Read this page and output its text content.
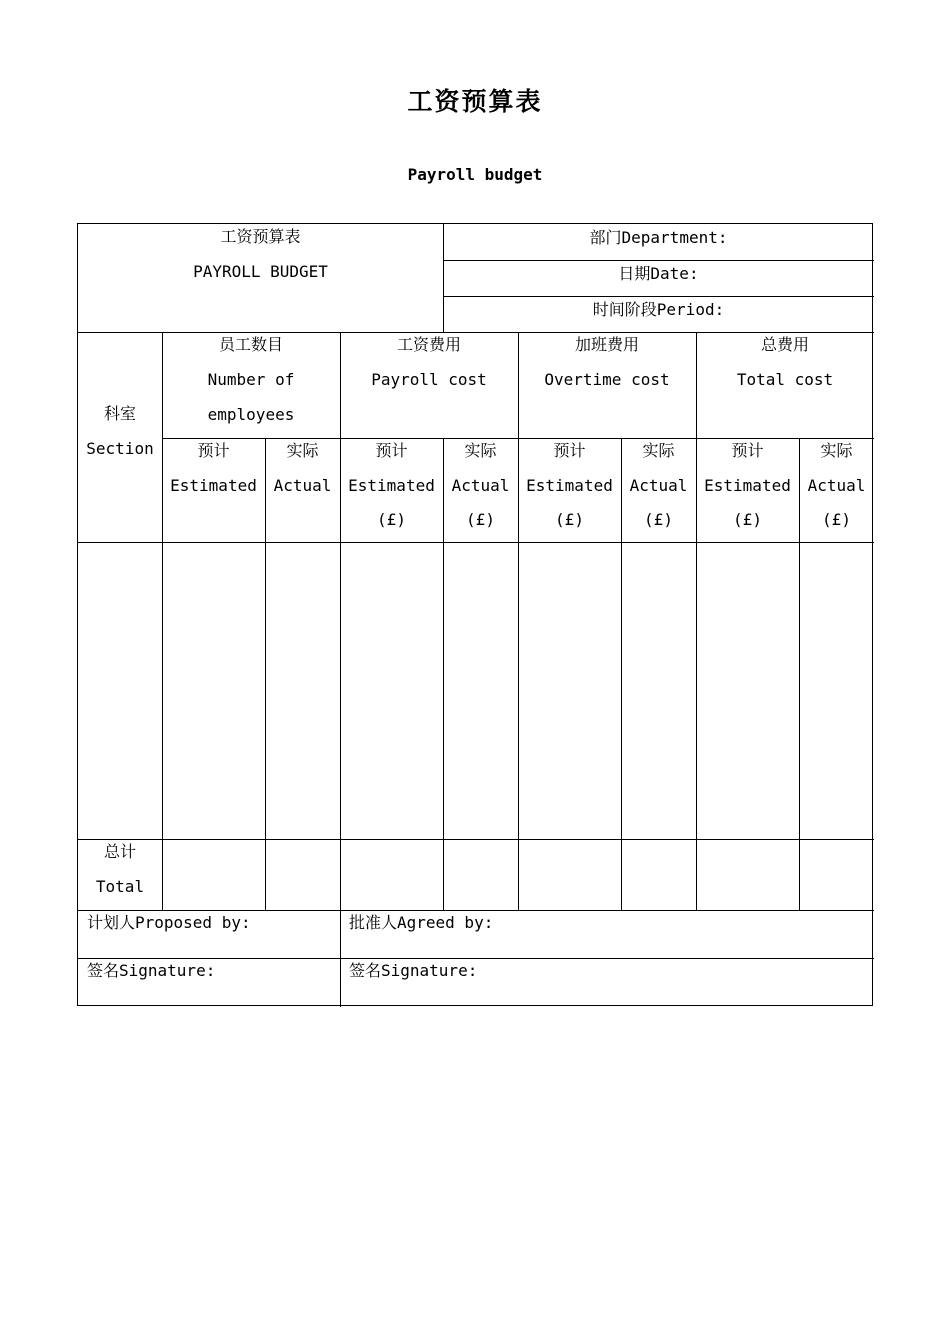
工资预算表
Payroll budget
工资预算表
PAYROLL BUDGET
部门Department:
日期Date:
时间阶段Period:
科室
Section
员工数目
Number of
employees
工资费用
Payroll cost
加班费用
Overtime cost
总费用
Total cost
预计
Estimated
实际
Actual
预计
Estimated
(£)
实际
Actual
(£)
预计
Estimated
(£)
实际
Actual
(£)
预计
Estimated
(£)
实际
Actual
(£)
总计
Total
计划人Proposed by:	批准人Agreed by:
签名Signature:	签名Signature:
